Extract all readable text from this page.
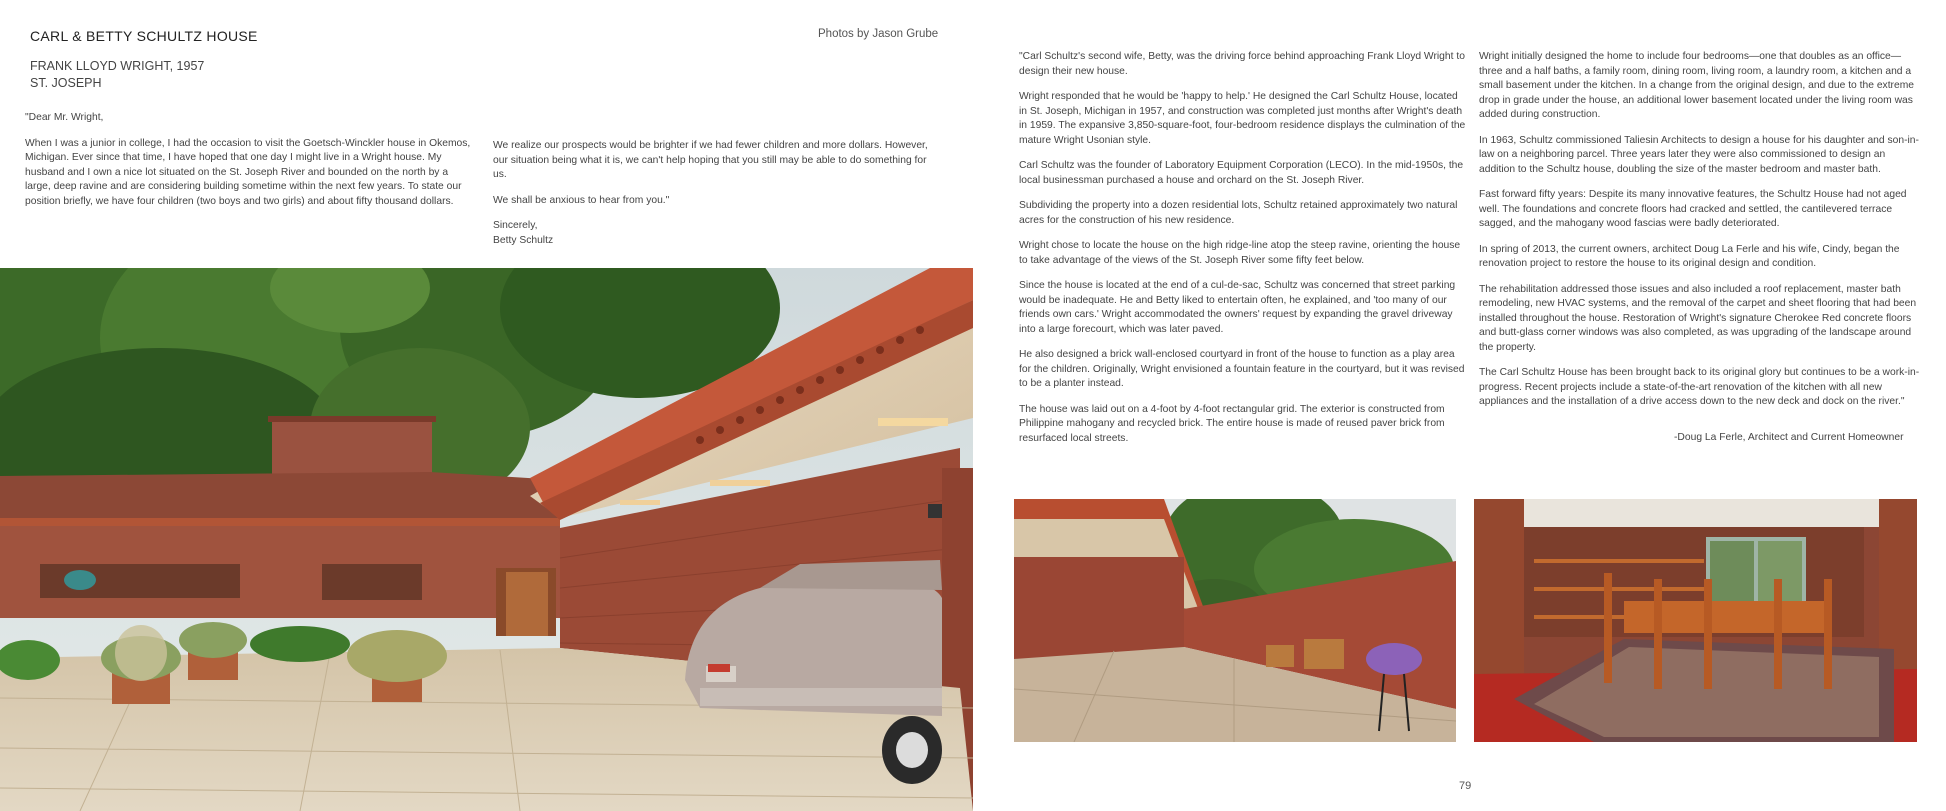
CARL & BETTY SCHULTZ HOUSE	Photos by Jason Grube
FRANK LLOYD WRIGHT, 1957
ST. JOSEPH

"Dear Mr. Wright,

When I was a junior in college, I had the occasion to visit the Goetsch-Winckler house in Okemos, Michigan. Ever since that time, I have hoped that one day I might live in a Wright house. My husband and I own a nice lot situated on the St. Joseph River and bounded on the north by a large, deep ravine and are considering building sometime within the next few years. To state our position briefly, we have four children (two boys and two girls) and about fifty thousand dollars.

We realize our prospects would be brighter if we had fewer children and more dollars. However, our situation being what it is, we can't help hoping that you still may be able to do something for us.

We shall be anxious to hear from you."

Sincerely,
Betty Schultz

"Carl Schultz's second wife, Betty, was the driving force behind approaching Frank Lloyd Wright to design their new house.

Wright responded that he would be 'happy to help.' He designed the Carl Schultz House, located in St. Joseph, Michigan in 1957, and construction was completed just months after Wright's death in 1959. The expansive 3,850-square-foot, four-bedroom residence displays the culmination of the mature Wright Usonian style.

Carl Schultz was the founder of Laboratory Equipment Corporation (LECO). In the mid-1950s, the local businessman purchased a house and orchard on the St. Joseph River.

Subdividing the property into a dozen residential lots, Schultz retained approximately two natural acres for the construction of his new residence.

Wright chose to locate the house on the high ridge-line atop the steep ravine, orienting the house to take advantage of the views of the St. Joseph River some fifty feet below.

Since the house is located at the end of a cul-de-sac, Schultz was concerned that street parking would be inadequate. He and Betty liked to entertain often, he explained, and 'too many of our friends own cars.' Wright accommodated the owners' request by expanding the gravel driveway into a large forecourt, which was later paved.

He also designed a brick wall-enclosed courtyard in front of the house to function as a play area for the children. Originally, Wright envisioned a fountain feature in the courtyard, but it was revised to be a planter instead.

The house was laid out on a 4-foot by 4-foot rectangular grid. The exterior is constructed from Philippine mahogany and recycled brick. The entire house is made of reused paver brick from resurfaced local streets.

Wright initially designed the home to include four bedrooms—one that doubles as an office—three and a half baths, a family room, dining room, living room, a laundry room, a kitchen and a small basement under the kitchen. In a change from the original design, and due to the extreme drop in grade under the house, an additional lower basement located under the living room was added during construction.

In 1963, Schultz commissioned Taliesin Architects to design a house for his daughter and son-in-law on a neighboring parcel. Three years later they were also commissioned to design an addition to the Schultz house, doubling the size of the master bedroom and master bath.

Fast forward fifty years: Despite its many innovative features, the Schultz House had not aged well. The foundations and concrete floors had cracked and settled, the cantilevered terrace sagged, and the mahogany wood fascias were badly deteriorated.

In spring of 2013, the current owners, architect Doug La Ferle and his wife, Cindy, began the renovation project to restore the house to its original design and condition.

The rehabilitation addressed those issues and also included a roof replacement, master bath remodeling, new HVAC systems, and the removal of the carpet and sheet flooring that had been installed throughout the house. Restoration of Wright's signature Cherokee Red concrete floors and butt-glass corner windows was also completed, as was upgrading of the landscape around the property.

The Carl Schultz House has been brought back to its original glory but continues to be a work-in-progress. Recent projects include a state-of-the-art renovation of the kitchen with all new appliances and the installation of a drive access down to the new deck and dock on the river."

-Doug La Ferle, Architect and Current Homeowner
79
